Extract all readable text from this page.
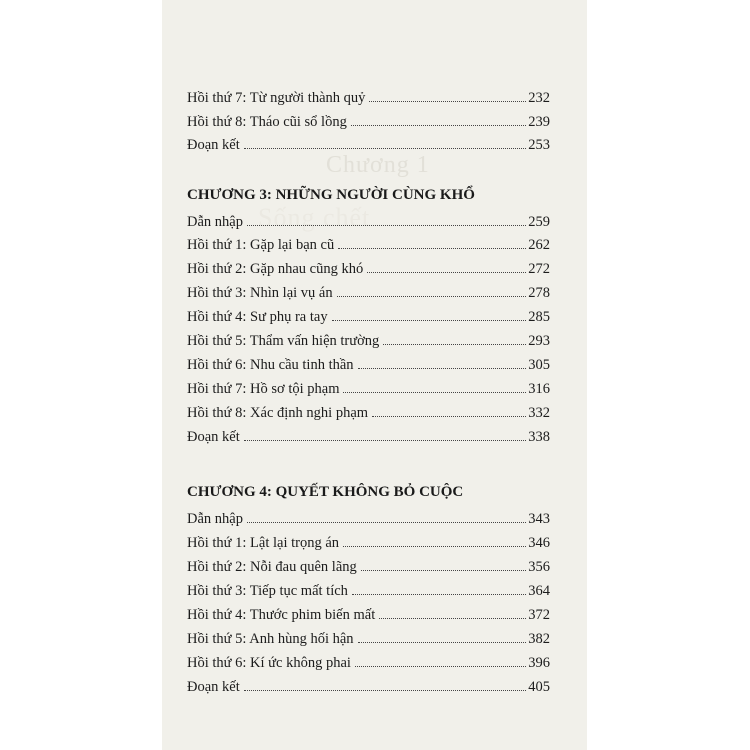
Chương 1
Sống chết
Hồi thứ 7: Từ người thành quỷ	232
Hồi thứ 8: Tháo cũi sổ lồng	239
Đoạn kết	253
CHƯƠNG 3: NHỮNG NGƯỜI CÙNG KHỔ
Dẫn nhập	259
Hồi thứ 1: Gặp lại bạn cũ	262
Hồi thứ 2: Gặp nhau cũng khó	272
Hồi thứ 3: Nhìn lại vụ án	278
Hồi thứ 4: Sư phụ ra tay	285
Hồi thứ 5: Thẩm vấn hiện trường	293
Hồi thứ 6: Nhu cầu tinh thần	305
Hồi thứ 7: Hồ sơ tội phạm	316
Hồi thứ 8: Xác định nghi phạm	332
Đoạn kết	338
CHƯƠNG 4: QUYẾT KHÔNG BỎ CUỘC
Dẫn nhập	343
Hồi thứ 1: Lật lại trọng án	346
Hồi thứ 2: Nỗi đau quên lãng	356
Hồi thứ 3: Tiếp tục mất tích	364
Hồi thứ 4: Thước phim biến mất	372
Hồi thứ 5: Anh hùng hối hận	382
Hồi thứ 6: Kí ức không phai	396
Đoạn kết	405
